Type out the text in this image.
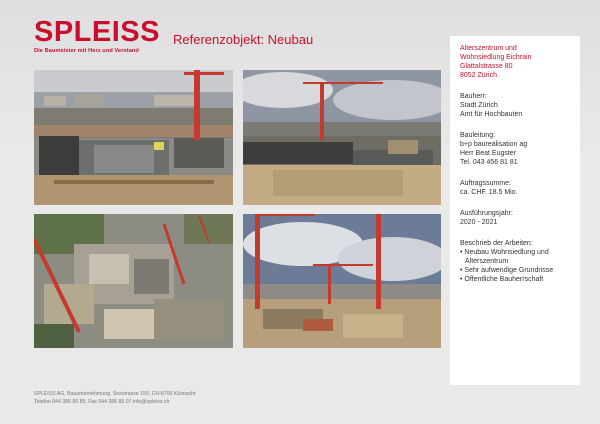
SPLEISS
Die Baumeister mit Herz und Verstand
Referenzobjekt: Neubau
Alterszentrum und
Wohnsiedlung Eichrain
Glattalstrasse 80
8052 Zürich
Bauherr:
Stadt Zürich
Amt für Hochbauten
Bauleitung:
b+p baurealisation ag
Herr Beat Eugster
Tel. 043 456 81 81
Auftragssumme:
ca. CHF. 18.5 Mio.
Ausführungsjahr:
2020 - 2021
Beschrieb der Arbeiten:
• Neubau Wohnsiedlung und
Alterszentrum
• Sehr aufwendige Grundrisse
• Öffentliche Bauherrschaft
SPLEISS AG, Bauunternehmung, Seestrasse 159, CH-8700 Küsnacht
Telefon 044 386 85 85, Fax 044 386 85 07 info@spleiss.ch
